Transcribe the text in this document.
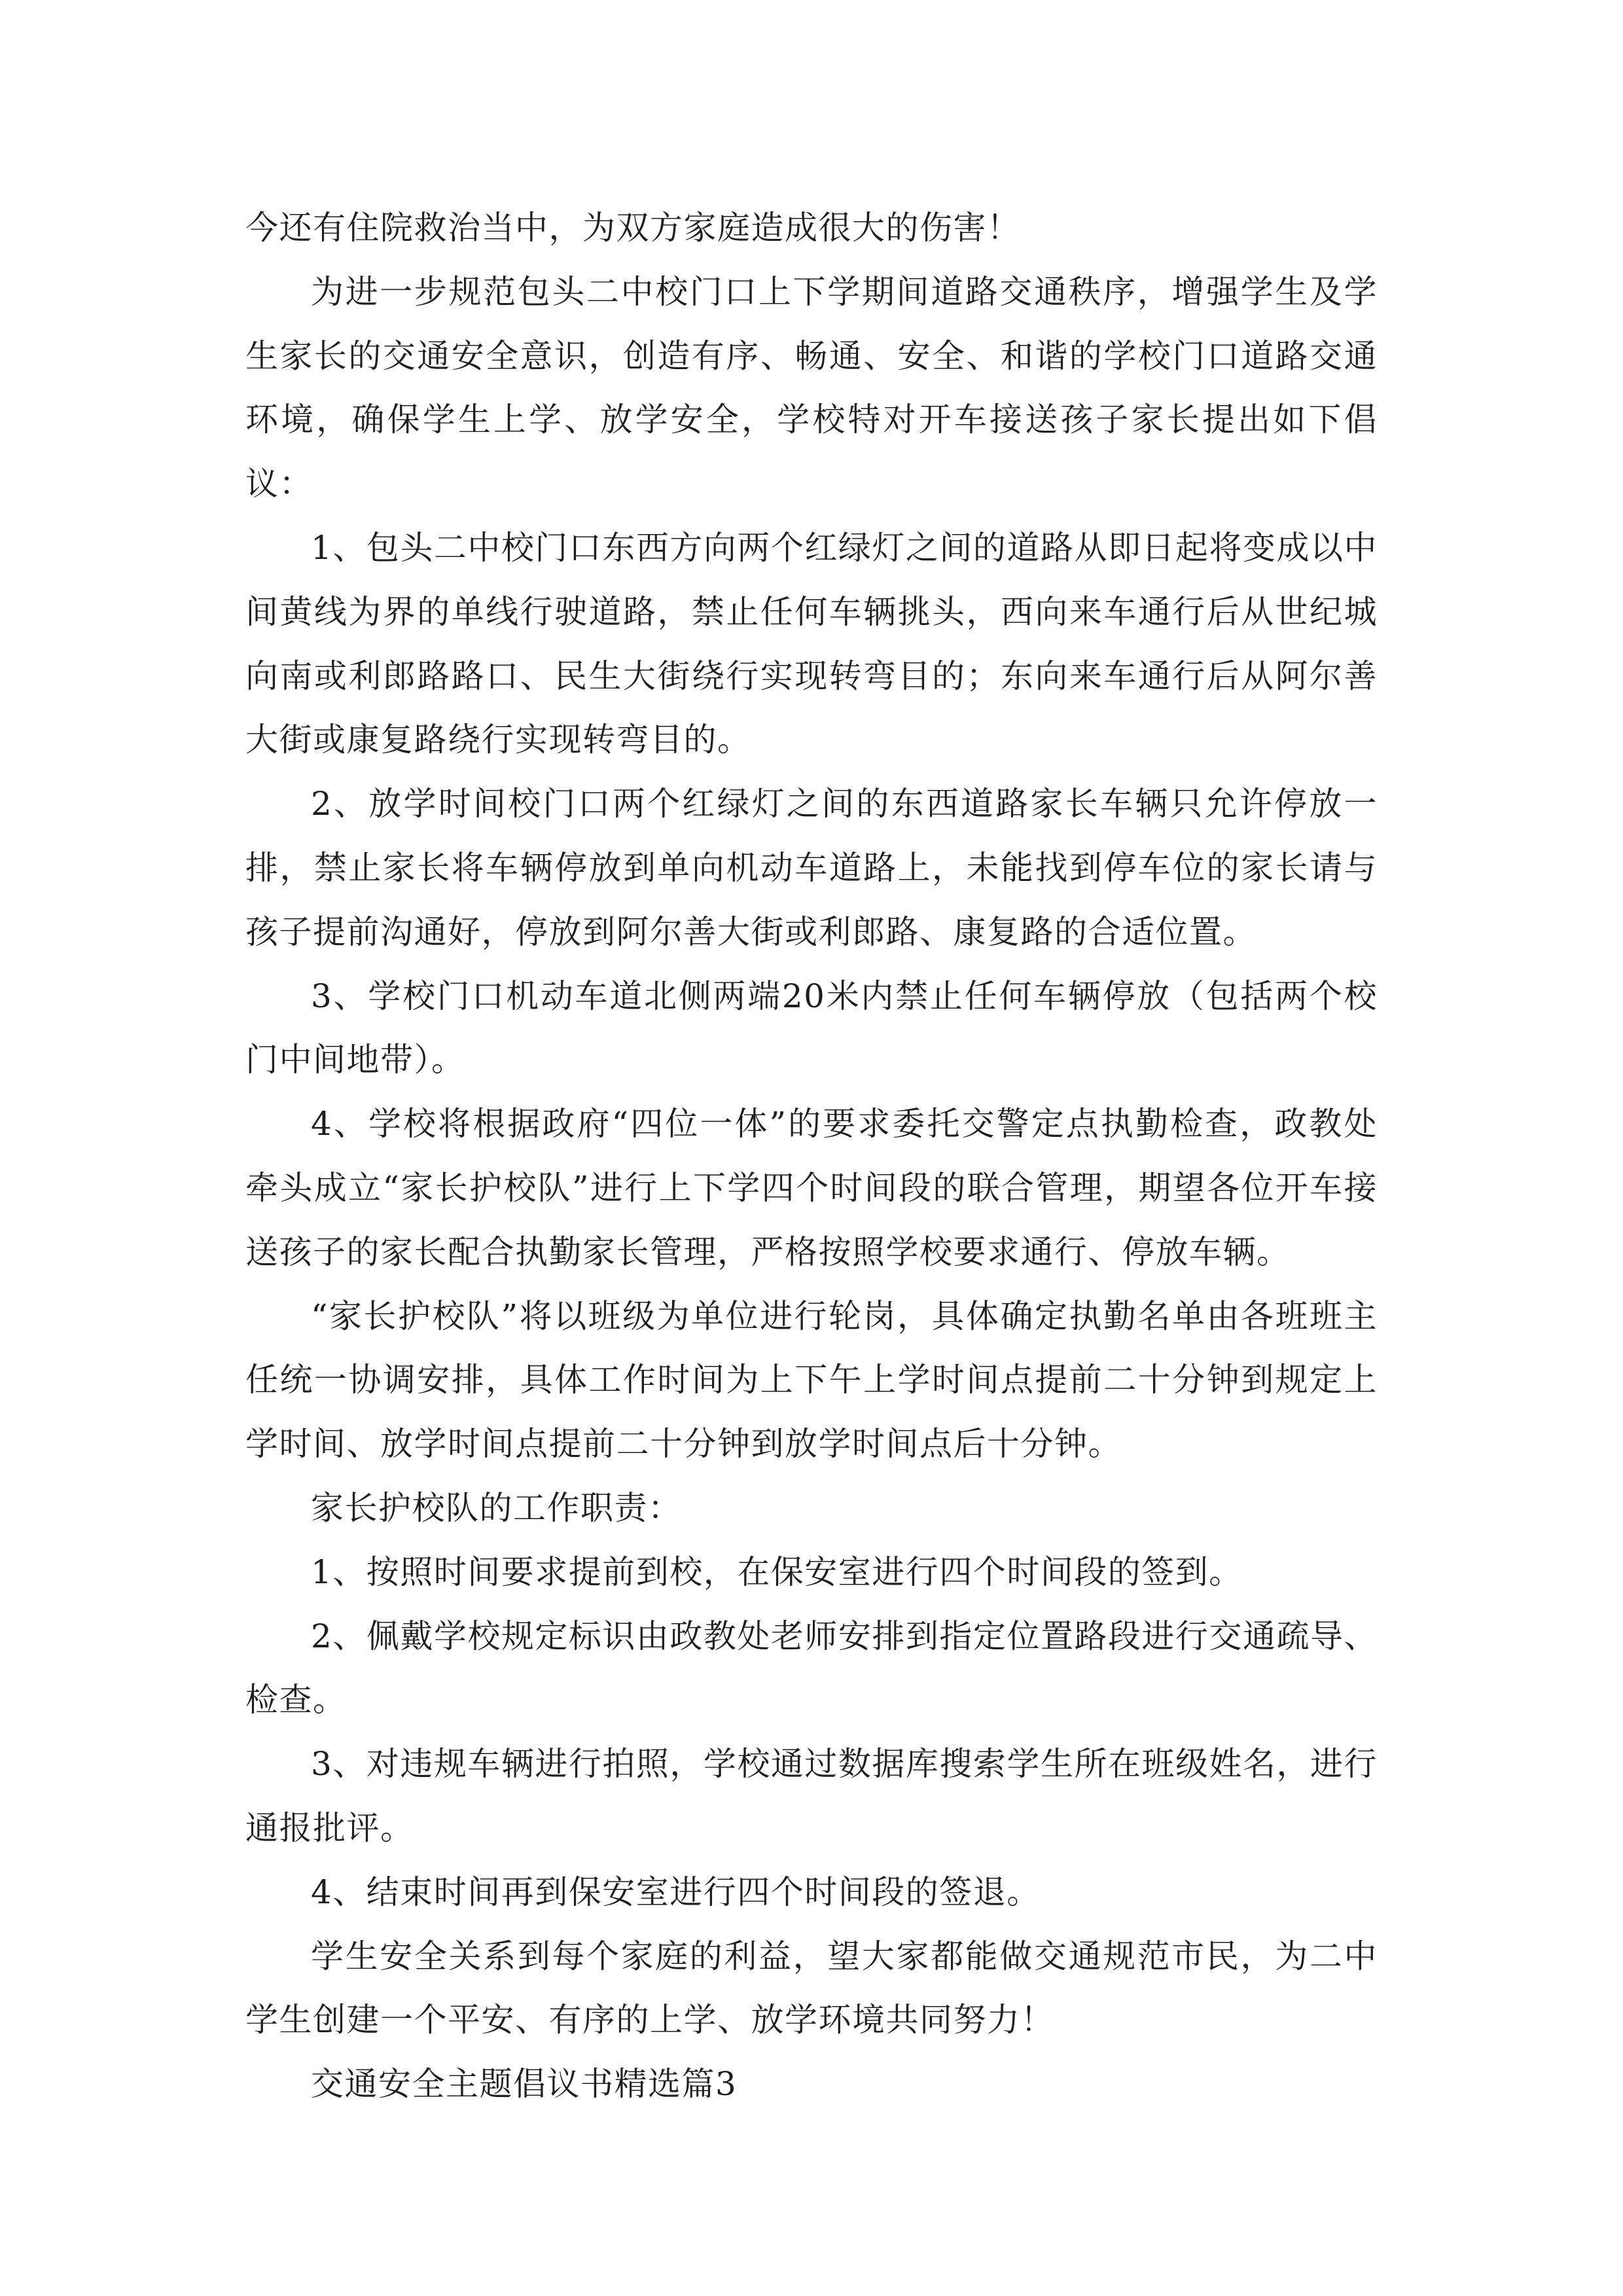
今还有住院救治当中，为双方家庭造成很大的伤害！

为进一步规范包头二中校门口上下学期间道路交通秩序，增强学生及学生家长的交通安全意识，创造有序、畅通、安全、和谐的学校门口道路交通环境，确保学生上学、放学安全，学校特对开车接送孩子家长提出如下倡议：

1、包头二中校门口东西方向两个红绿灯之间的道路从即日起将变成以中间黄线为界的单线行驶道路，禁止任何车辆挑头，西向来车通行后从世纪城向南或利郎路路口、民生大街绕行实现转弯目的；东向来车通行后从阿尔善大街或康复路绕行实现转弯目的。

2、放学时间校门口两个红绿灯之间的东西道路家长车辆只允许停放一排，禁止家长将车辆停放到单向机动车道路上，未能找到停车位的家长请与孩子提前沟通好，停放到阿尔善大街或利郎路、康复路的合适位置。

3、学校门口机动车道北侧两端20米内禁止任何车辆停放（包括两个校门中间地带）。

4、学校将根据政府“四位一体”的要求委托交警定点执勤检查，政教处牵头成立“家长护校队”进行上下学四个时间段的联合管理，期望各位开车接送孩子的家长配合执勤家长管理，严格按照学校要求通行、停放车辆。

“家长护校队”将以班级为单位进行轮岗，具体确定执勤名单由各班班主任统一协调安排，具体工作时间为上下午上学时间点提前二十分钟到规定上学时间、放学时间点提前二十分钟到放学时间点后十分钟。

家长护校队的工作职责：

1、按照时间要求提前到校，在保安室进行四个时间段的签到。

2、佩戴学校规定标识由政教处老师安排到指定位置路段进行交通疏导、检查。

3、对违规车辆进行拍照，学校通过数据库搜索学生所在班级姓名，进行通报批评。

4、结束时间再到保安室进行四个时间段的签退。

学生安全关系到每个家庭的利益，望大家都能做交通规范市民，为二中学生创建一个平安、有序的上学、放学环境共同努力！

交通安全主题倡议书精选篇3
